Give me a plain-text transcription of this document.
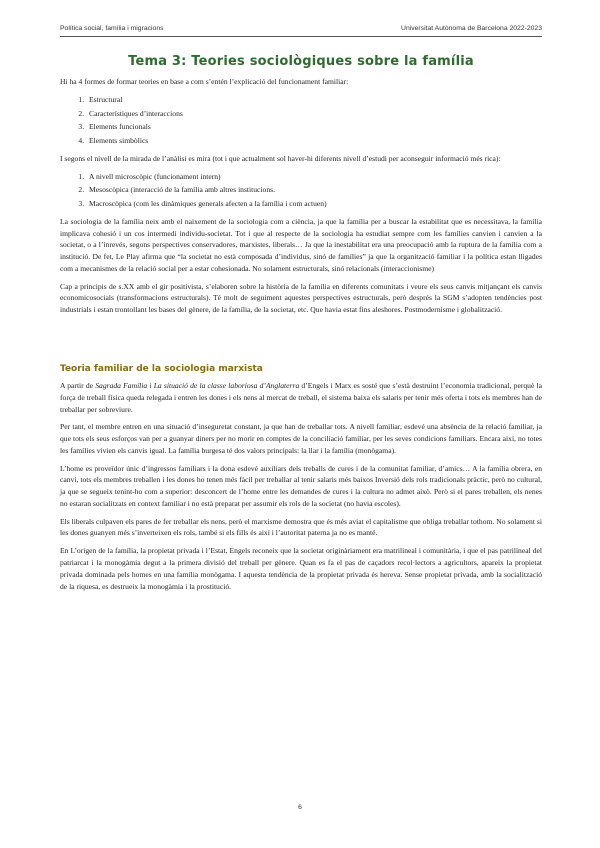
Política social, família i migracions	Universitat Autònoma de Barcelona 2022-2023
Tema 3: Teories sociològiques sobre la família

Hi ha 4 formes de formar teories en base a com s’entén l’explicació del funcionament familiar:

1. Estructural
2. Característiques d’interaccions
3. Elements funcionals
4. Elements simbòlics

I segons el nivell de la mirada de l’anàlisi es mira (tot i que actualment sol haver-hi diferents nivell d’estudi per aconseguir informació més rica):

1. A nivell microscòpic (funcionament intern)
2. Mesoscòpica (interacció de la família amb altres institucions.
3. Macroscòpica (com les dinàmiques generals afecten a la família i com actuen)

La sociologia de la família neix amb el naixement de la sociologia com a ciència, ja que la família per a buscar la estabilitat que es necessitava, la família implicava cohesió i un cos intermedi individu-societat. Tot i que al respecte de la sociologia ha estudiat sempre com les famílies canvien i canvien a la societat, o a l’inrevés, segons perspectives conservadores, marxistes, liberals… Ja que la inestabilitat era una preocupació amb la ruptura de la família com a institució. De fet, Le Play afirma que “la societat no està composada d’individus, sinó de famílies” ja que la organització familiar i la política estan lligades com a mecanismes de la relació social per a estar cohesionada. No solament estructurals, sinó relacionals (interaccionisme)

Cap a principis de s.XX amb el gir positivista, s’elaboren sobre la història de la família en diferents comunitats i veure els seus canvis mitjançant els canvis economicosocials (transformacions estructurals). Té molt de seguiment aquestes perspectives estructurals, però després la SGM s’adopten tendències post industrials i estan trontollant les bases del gènere, de la família, de la societat, etc. Que havia estat fins aleshores. Postmodernisme i globalització.

Teoria familiar de la sociologia marxista

A partir de Sagrada Família i La situació de la classe laboriosa d’Anglaterra d’Engels i Marx es sosté que s’està destruint l’economia tradicional, perquè la força de treball física queda relegada i entren les dones i els nens al mercat de treball, el sistema baixa els salaris per tenir més oferta i tots els membres han de treballar per sobreviure.

Per tant, el membre entren en una situació d’inseguretat constant, ja que han de treballar tots. A nivell familiar, esdevé una absència de la relació familiar, ja que tots els seus esforços van per a guanyar diners per no morir en comptes de la conciliació familiar, per les seves condicions familiars. Encara així, no totes les famílies vivien els canvis igual. La família burgesa té dos valors principals: la llar i la família (monògama).

L’home es proveïdor únic d’ingressos familiars i la dona esdevé auxiliars dels treballs de cures i de la comunitat familiar, d’amics… A la família obrera, en canvi, tots els membres treballen i les dones ho tenen més fàcil per treballar al tenir salaris més baixos Inversió dels rols tradicionals pràctic, però no cultural, ja que se segueix tenint-ho com a superior: desconcert de l’home entre les demandes de cures i la cultura no admet això. Però si el pares treballen, els nenes no estaran socialitzats en context familiar i no està preparat per assumir els rols de la societat (no havia escoles).

Els liberals culpaven els pares de fer treballar els nens, però el marxisme demostra que és més aviat el capitalisme que obliga treballar tothom. No solament si les dones guanyen més s’inverteixen els rols, també si els fills és així i l’autoritat paterna ja no es manté.

En L’origen de la família, la propietat privada i l’Estat, Engels reconeix que la societat originàriament era matrilineal i comunitària, i que el pas patrilineal del patriarcat i la monogàmia degut a la primera divisió del treball per gènere. Quan es fa el pas de caçadors recol·lectors a agricultors, apareix la propietat privada dominada pels homes en una família monògama. I aquesta tendència de la propietat privada és hereva. Sense propietat privada, amb la socialització de la riquesa, es destrueix la monogàmia i la prostitució.

6
